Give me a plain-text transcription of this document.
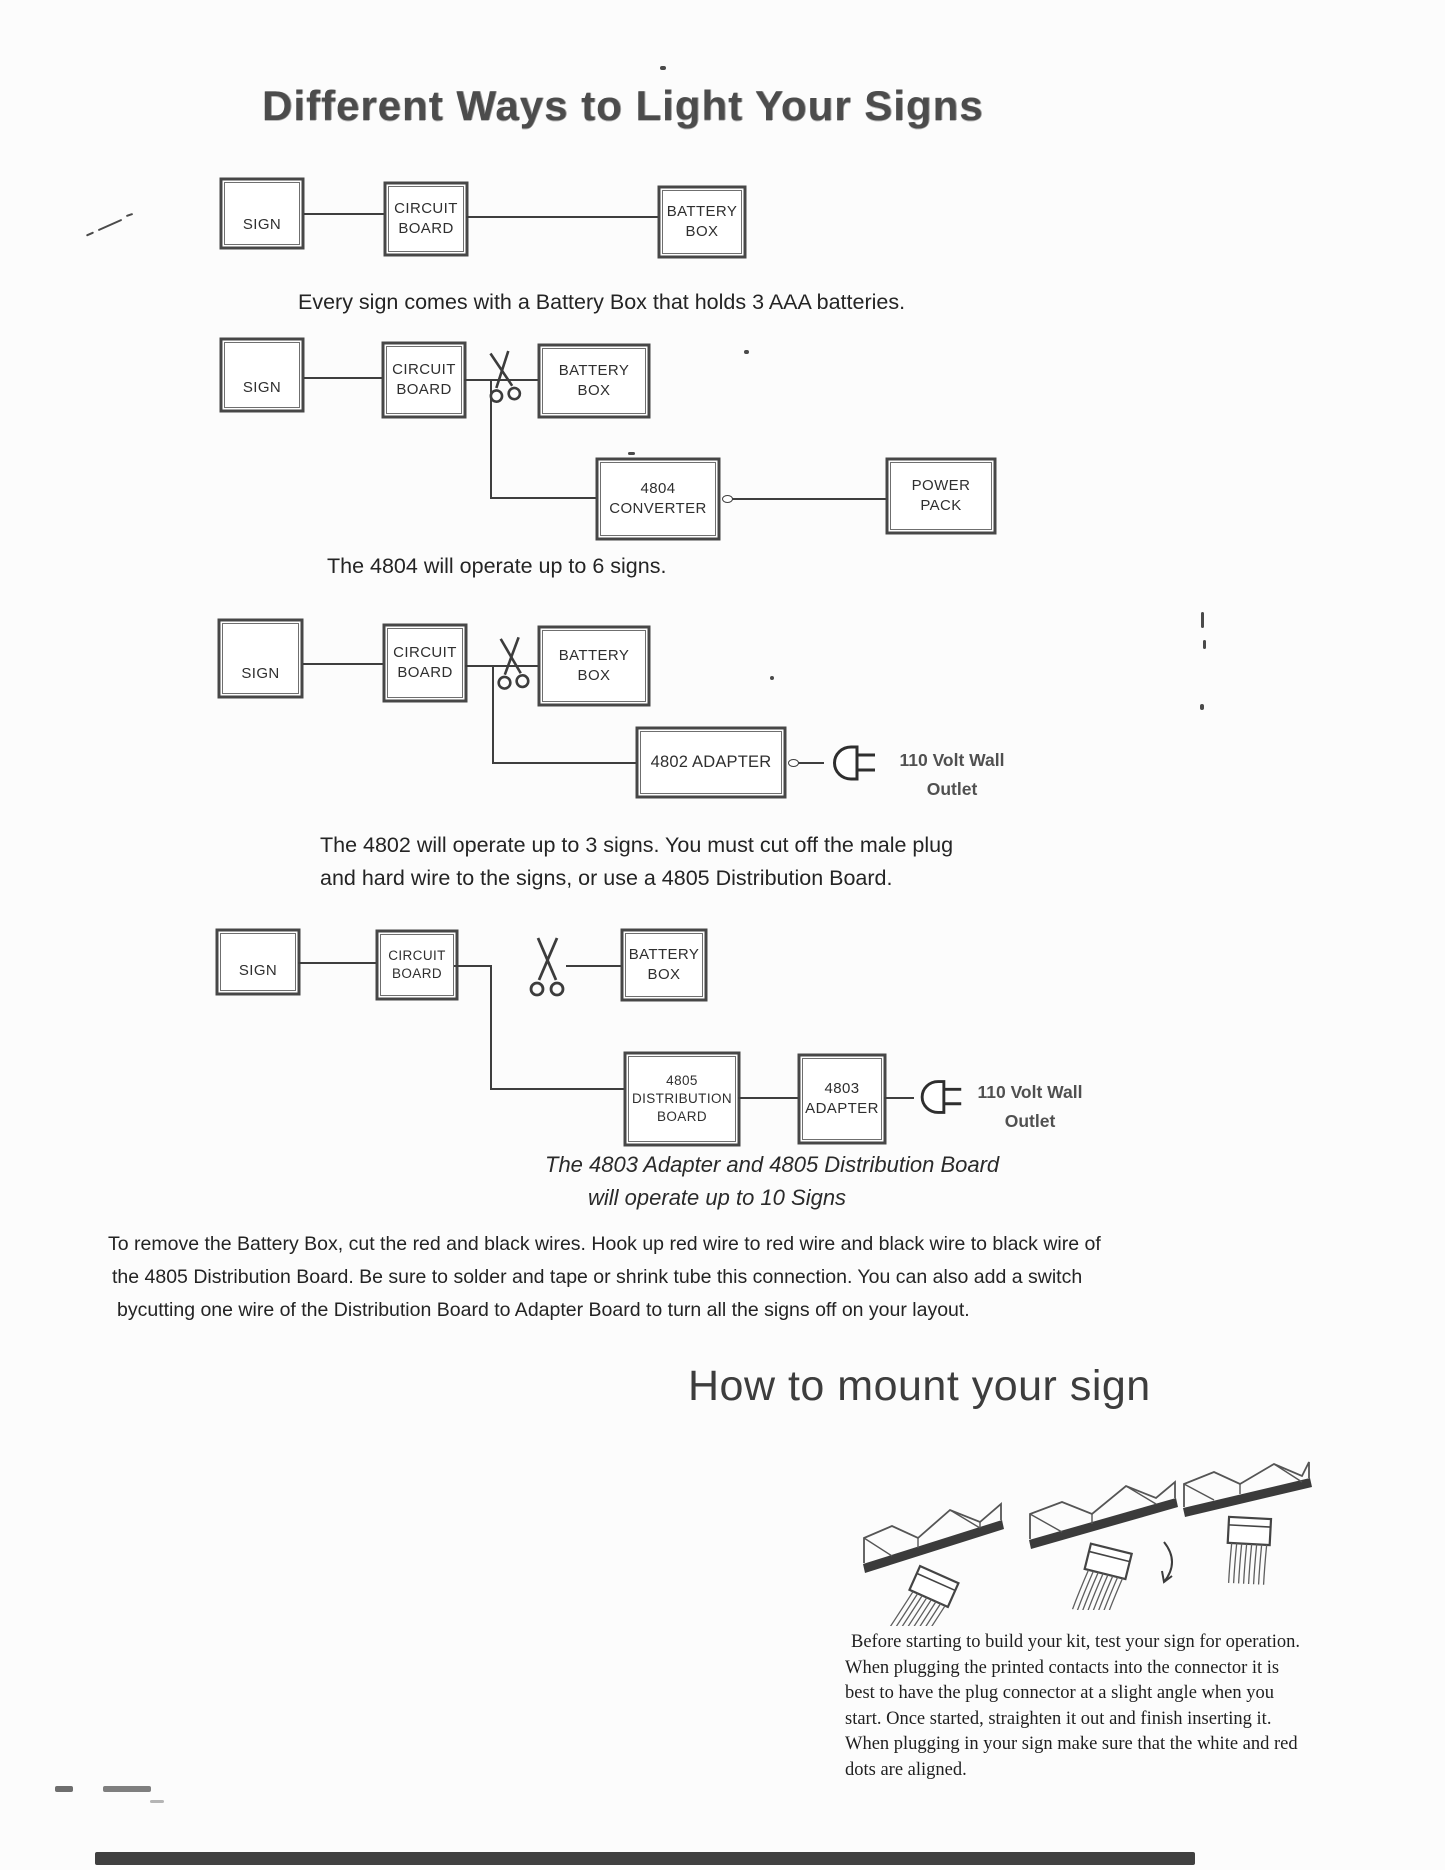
Different Ways to Light Your Signs
SIGN
CIRCUIT
BOARD
BATTERY
BOX
Every sign comes with a Battery Box that holds 3 AAA batteries.
SIGN
CIRCUIT
BOARD
BATTERY BOX
4804
CONVERTER
POWER
PACK
The 4804 will operate up to 6 signs.
SIGN
CIRCUIT
BOARD
BATTERY BOX
4802 ADAPTER	110 Volt Wall
Outlet
The 4802 will operate up to 3 signs. You must cut off the male plug
and hard wire to the signs, or use a 4805 Distribution Board.
SIGN
CIRCUIT
BOARD
BATTERY
BOX
4805
DISTRIBUTION
BOARD
4803
ADAPTER
110 Volt Wall
Outlet
The 4803 Adapter and 4805 Distribution Board
will operate up to 10 Signs
To remove the Battery Box, cut the red and black wires. Hook up red wire to red wire and black wire to black wire of
the 4805 Distribution Board. Be sure to solder and tape or shrink tube this connection. You can also add a switch
bycutting one wire of the Distribution Board to Adapter Board to turn all the signs off on your layout.
How to mount your sign
Before starting to build your kit, test your sign for operation.
When plugging the printed contacts into the connector it is
best to have the plug connector at a slight angle when you
start. Once started, straighten it out and finish inserting it.
When plugging in your sign make sure that the white and red
dots are aligned.
